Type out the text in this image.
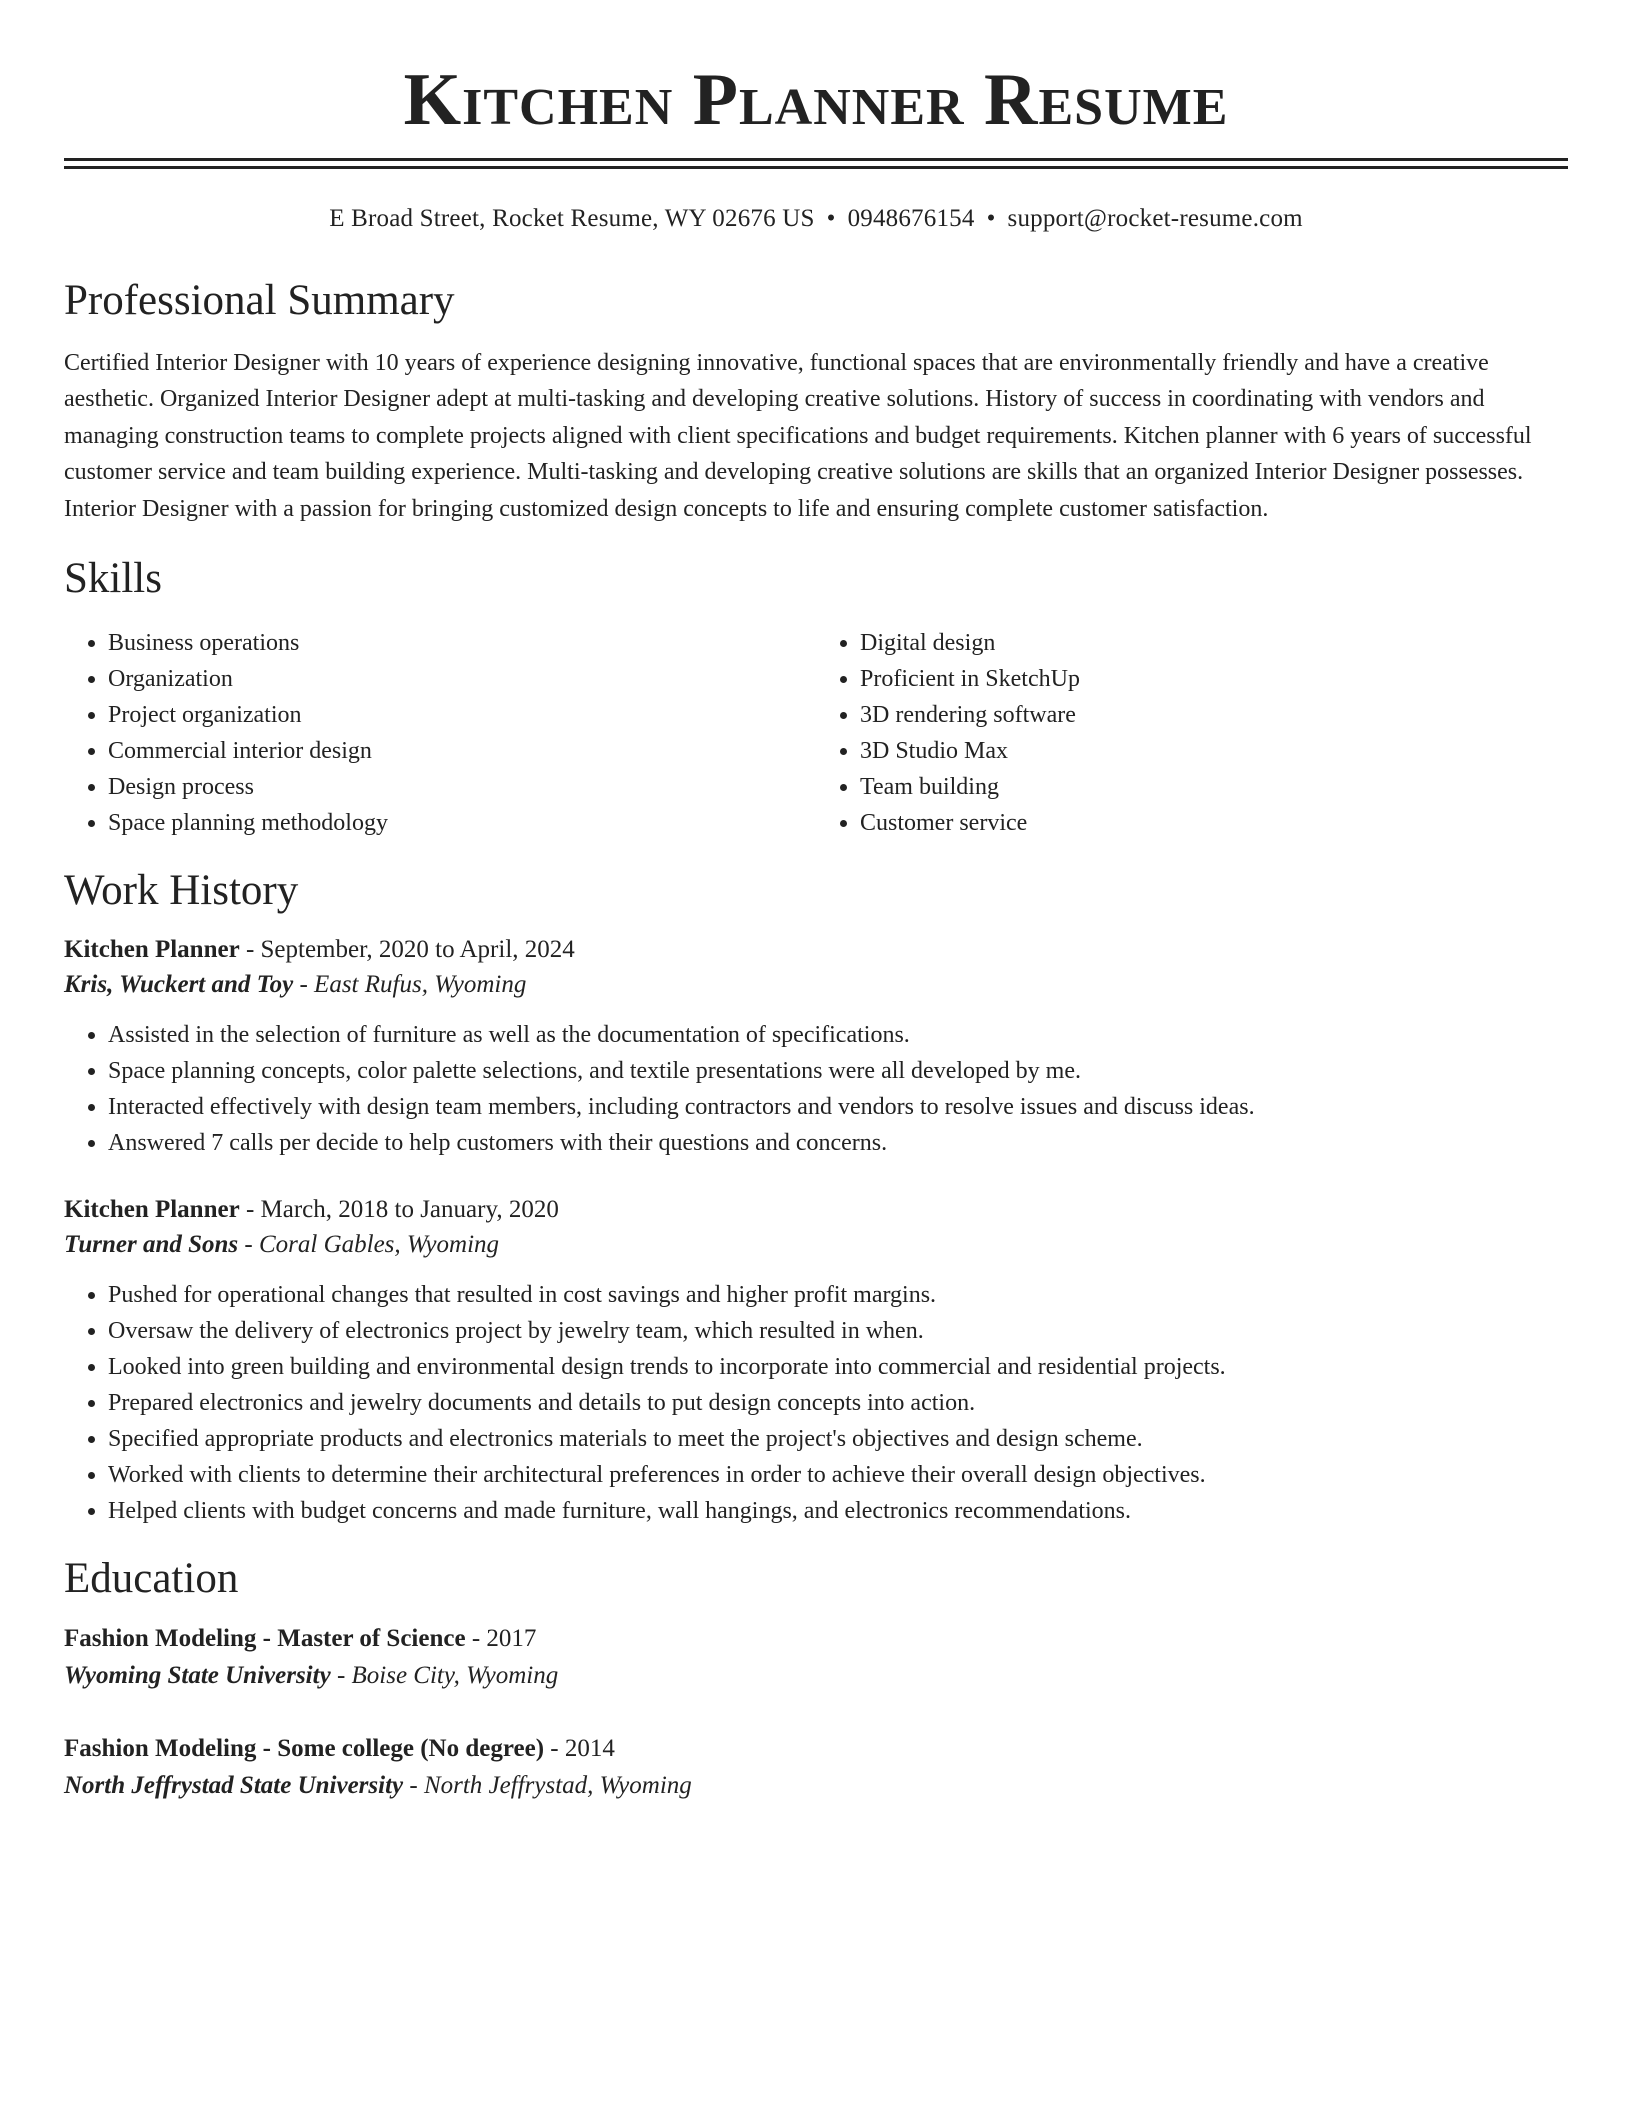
Kitchen Planner Resume
E Broad Street, Rocket Resume, WY 02676 US • 0948676154 • support@rocket-resume.com
Professional Summary
Certified Interior Designer with 10 years of experience designing innovative, functional spaces that are environmentally friendly and have a creative aesthetic. Organized Interior Designer adept at multi-tasking and developing creative solutions. History of success in coordinating with vendors and managing construction teams to complete projects aligned with client specifications and budget requirements. Kitchen planner with 6 years of successful customer service and team building experience. Multi-tasking and developing creative solutions are skills that an organized Interior Designer possesses. Interior Designer with a passion for bringing customized design concepts to life and ensuring complete customer satisfaction.
Skills
• Business operations
• Organization
• Project organization
• Commercial interior design
• Design process
• Space planning methodology
• Digital design
• Proficient in SketchUp
• 3D rendering software
• 3D Studio Max
• Team building
• Customer service
Work History
Kitchen Planner - September, 2020 to April, 2024
Kris, Wuckert and Toy - East Rufus, Wyoming
• Assisted in the selection of furniture as well as the documentation of specifications.
• Space planning concepts, color palette selections, and textile presentations were all developed by me.
• Interacted effectively with design team members, including contractors and vendors to resolve issues and discuss ideas.
• Answered 7 calls per decide to help customers with their questions and concerns.
Kitchen Planner - March, 2018 to January, 2020
Turner and Sons - Coral Gables, Wyoming
• Pushed for operational changes that resulted in cost savings and higher profit margins.
• Oversaw the delivery of electronics project by jewelry team, which resulted in when.
• Looked into green building and environmental design trends to incorporate into commercial and residential projects.
• Prepared electronics and jewelry documents and details to put design concepts into action.
• Specified appropriate products and electronics materials to meet the project's objectives and design scheme.
• Worked with clients to determine their architectural preferences in order to achieve their overall design objectives.
• Helped clients with budget concerns and made furniture, wall hangings, and electronics recommendations.
Education
Fashion Modeling - Master of Science - 2017
Wyoming State University - Boise City, Wyoming
Fashion Modeling - Some college (No degree) - 2014
North Jeffrystad State University - North Jeffrystad, Wyoming
